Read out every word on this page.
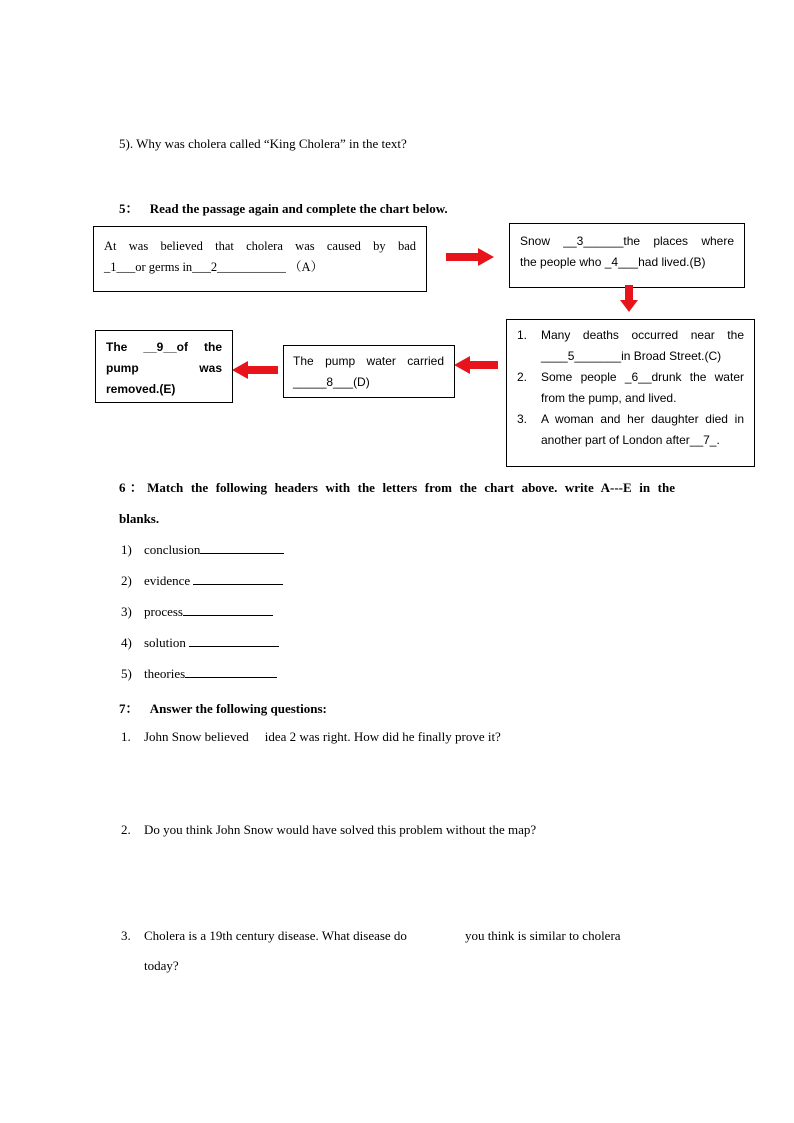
5). Why was cholera called “King Cholera” in the text?
5： Read the passage again and complete the chart below.
At was believed that cholera was caused by bad
_1___or germs in___2___________ （A）
Snow __3______the places where
the people who _4___had lived.(B)
1. Many deaths occurred near the
____5_______in Broad Street.(C)
2. Some people _6__drunk the water
from the pump, and lived.
3. A woman and her daughter died in
another part of London after__7_.
The pump water carried
_____8___(D)
The __9__of the
pump was
removed.(E)
6：Match the following headers with the letters from the chart above. write A---E in the
blanks.
1) conclusion
2) evidence
3) process
4) solution
5) theories
7： Answer the following questions:
1. John Snow believed idea 2 was right. How did he finally prove it?
2. Do you think John Snow would have solved this problem without the map?
3. Cholera is a 19th century disease. What disease do	you think is similar to cholera
today?
